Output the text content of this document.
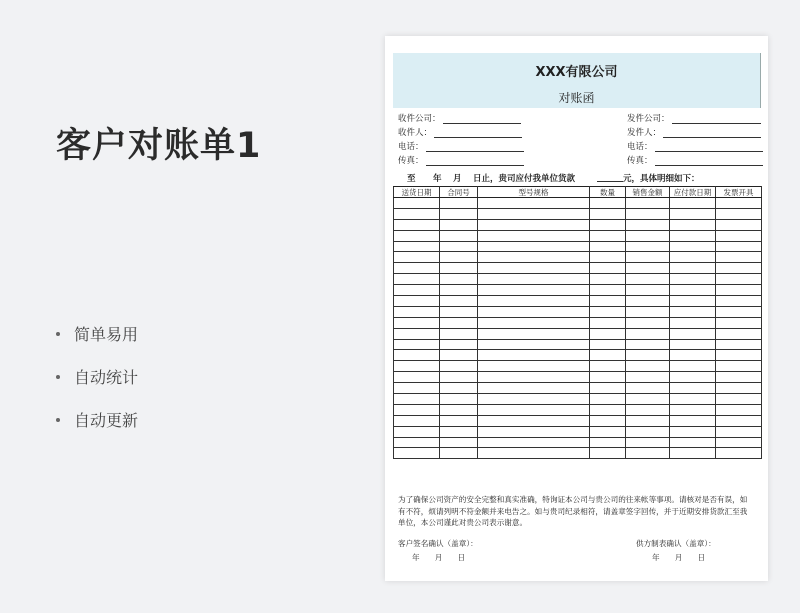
客户对账单1
简单易用
自动统计
自动更新
XXX有限公司
对账函
收件公司：
收件人：
电话：
传真：
发件公司：
发件人：
电话：
传真：
至 年 月 日止，贵司应付我单位货款	元，具体明细如下：
送货日期	合同号	型号规格	数量	销售金额	应付款日期	发票开具

为了确保公司资产的安全完整和真实准确，特询证本公司与贵公司的往来帐等事项。请核对是否有误，如有不符，烦请列明不符金额并来电告之。如与贵司纪录相符，请盖章签字回传，并于近期安排货款汇至我单位，本公司谨此对贵公司表示谢意。
客户签名确认（盖章）：
年　　月　　日
供方制表确认（盖章）：
年　　月　　日
